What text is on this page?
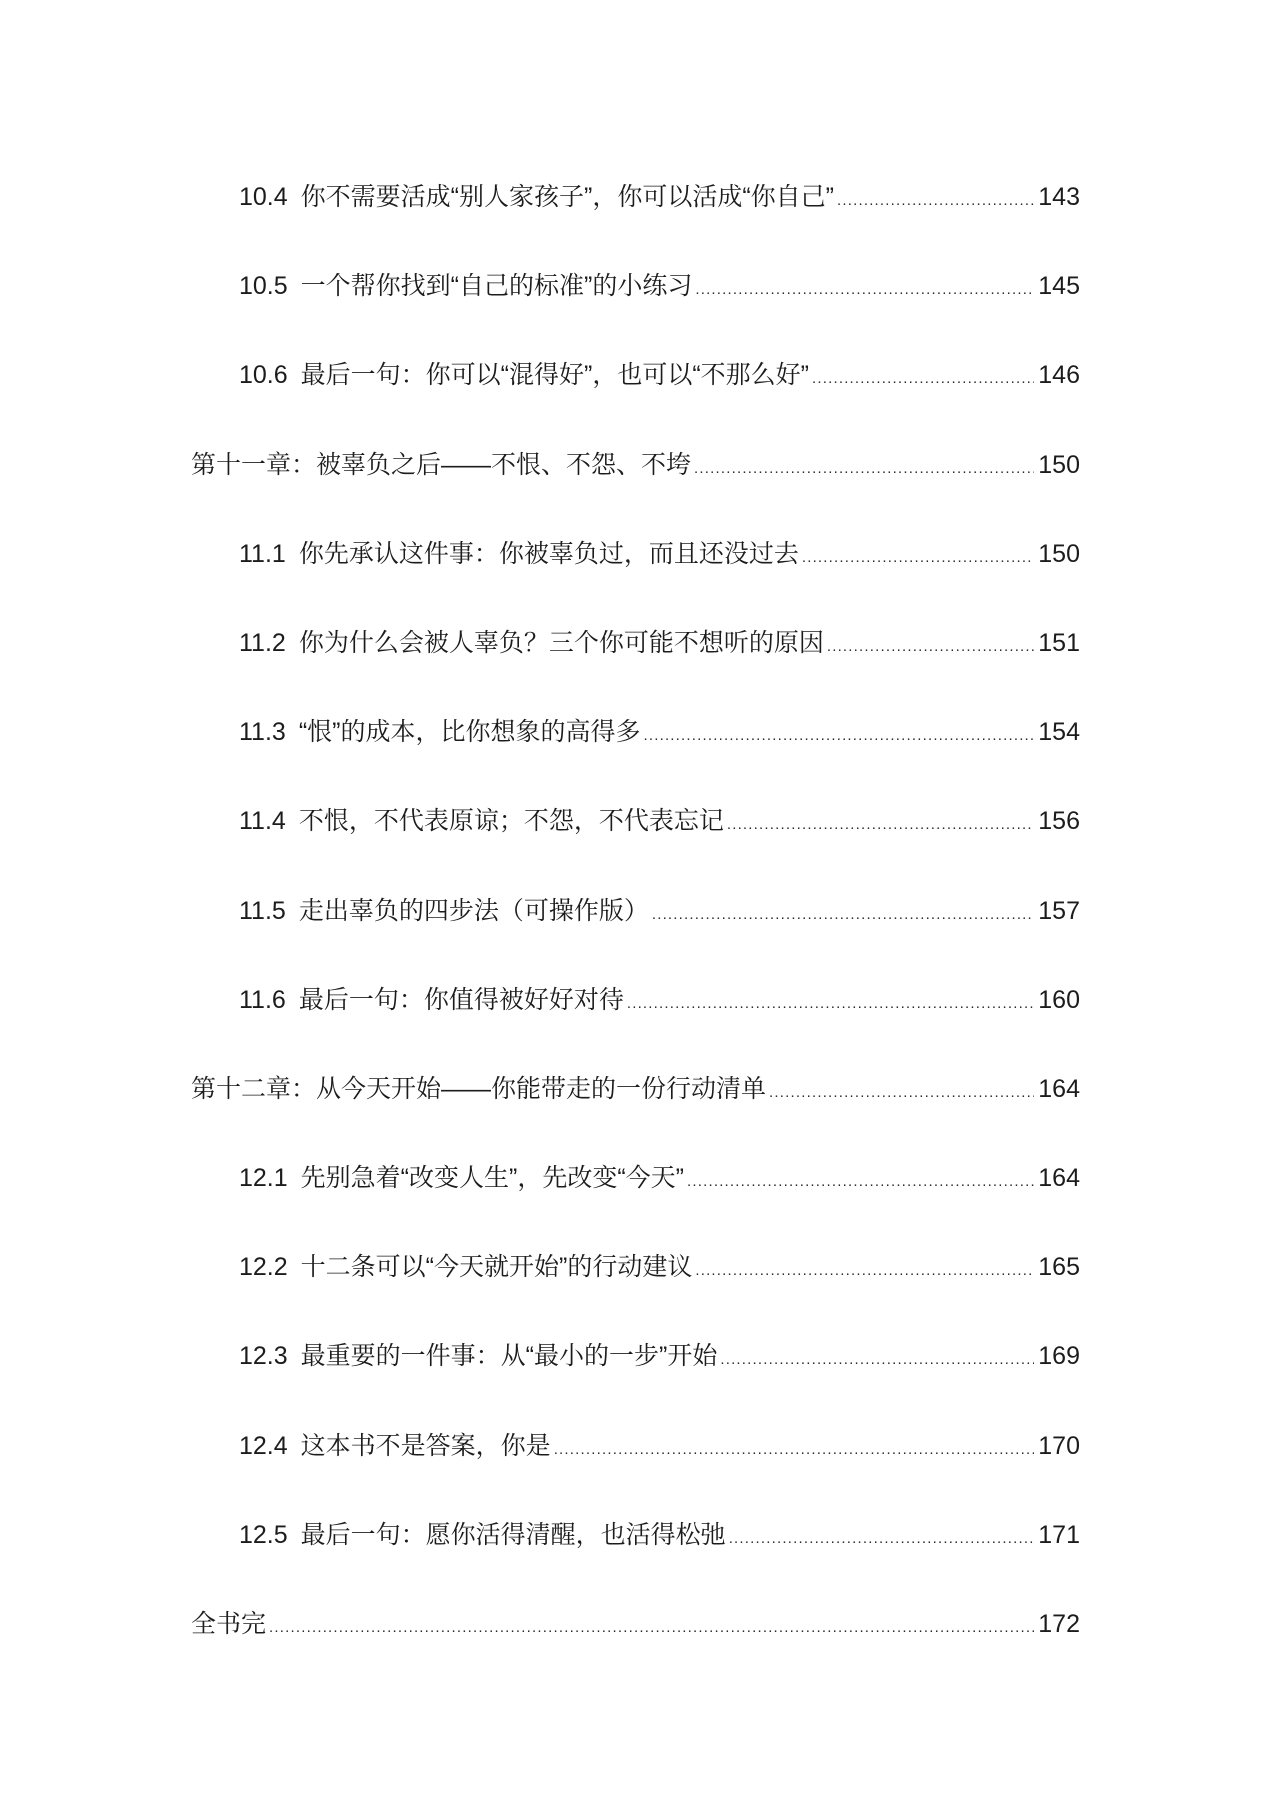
10.4 你不需要活成“别人家孩子”，你可以活成“你自己” .....	143
10.5 一个帮你找到“自己的标准”的小练习 .....	145
10.6 最后一句：你可以“混得好”，也可以“不那么好” .....	146
第十一章：被辜负之后——不恨、不怨、不垮 .....	150
11.1 你先承认这件事：你被辜负过，而且还没过去 .....	150
11.2 你为什么会被人辜负？三个你可能不想听的原因 .....	151
11.3 “恨”的成本，比你想象的高得多 .....	154
11.4 不恨，不代表原谅；不怨，不代表忘记 .....	156
11.5 走出辜负的四步法（可操作版） .....	157
11.6 最后一句：你值得被好好对待 .....	160
第十二章：从今天开始——你能带走的一份行动清单 .....	164
12.1 先别急着“改变人生”，先改变“今天” .....	164
12.2 十二条可以“今天就开始”的行动建议 .....	165
12.3 最重要的一件事：从“最小的一步”开始 .....	169
12.4 这本书不是答案，你是 .....	170
12.5 最后一句：愿你活得清醒，也活得松弛 .....	171
全书完 .....	172
